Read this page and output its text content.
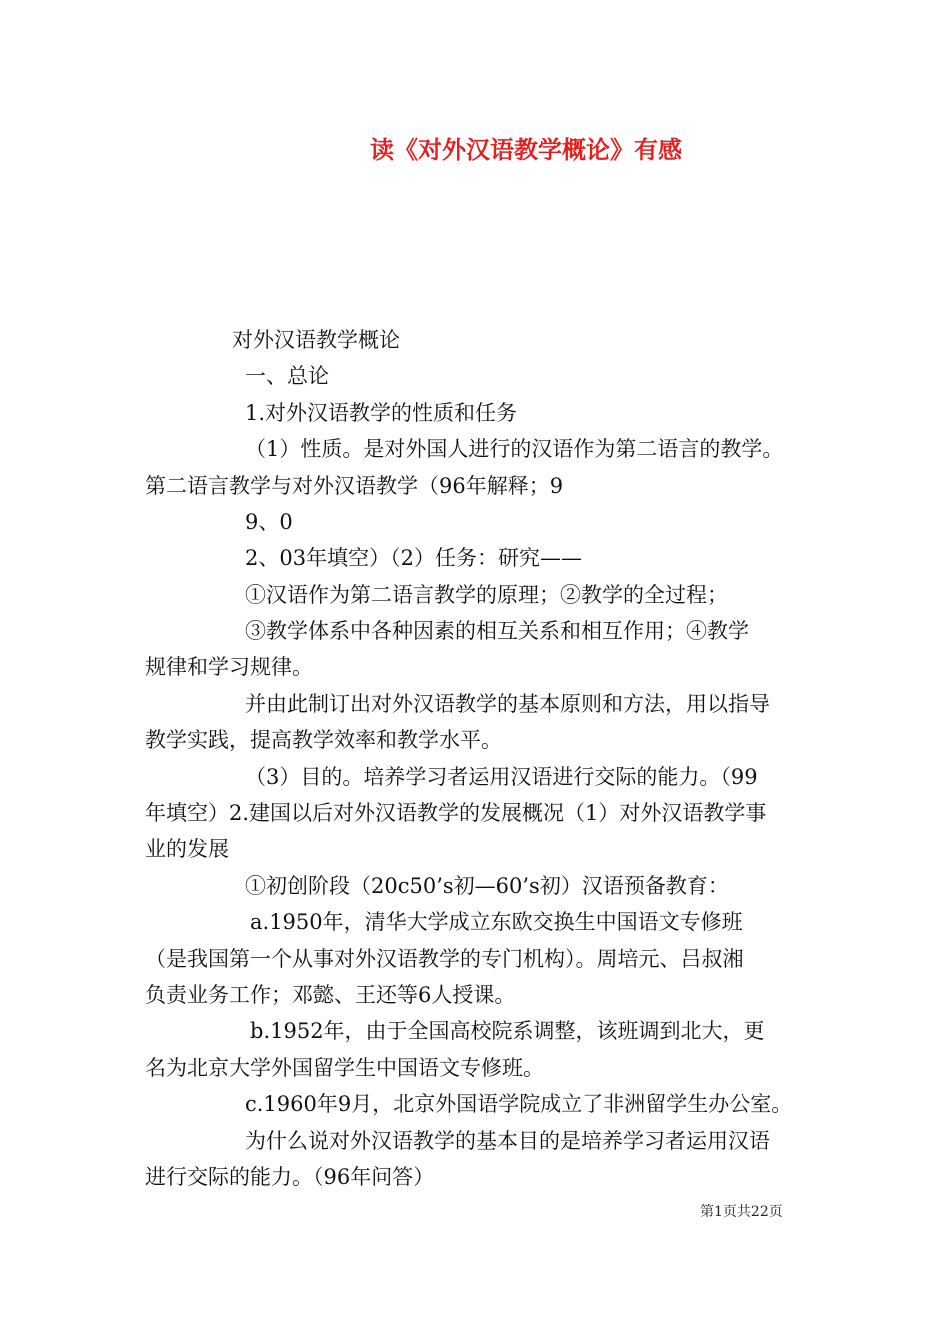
读《对外汉语教学概论》有感
对外汉语教学概论
一、总论
1.对外汉语教学的性质和任务
（1）性质。是对外国人进行的汉语作为第二语言的教学。
第二语言教学与对外汉语教学（96年解释；9
9、0
2、03年填空）（2）任务：研究——
①汉语作为第二语言教学的原理；②教学的全过程；
③教学体系中各种因素的相互关系和相互作用；④教学
规律和学习规律。
并由此制订出对外汉语教学的基本原则和方法，用以指导
教学实践，提高教学效率和教学水平。
（3）目的。培养学习者运用汉语进行交际的能力。（99
年填空）2.建国以后对外汉语教学的发展概况（1）对外汉语教学事
业的发展
①初创阶段（20c50’s初—60’s初）汉语预备教育：
a.1950年，清华大学成立东欧交换生中国语文专修班
（是我国第一个从事对外汉语教学的专门机构）。周培元、吕叔湘
负责业务工作；邓懿、王还等6人授课。
b.1952年，由于全国高校院系调整，该班调到北大，更
名为北京大学外国留学生中国语文专修班。
c.1960年9月，北京外国语学院成立了非洲留学生办公室。
为什么说对外汉语教学的基本目的是培养学习者运用汉语
进行交际的能力。（96年问答）
第1页共22页
